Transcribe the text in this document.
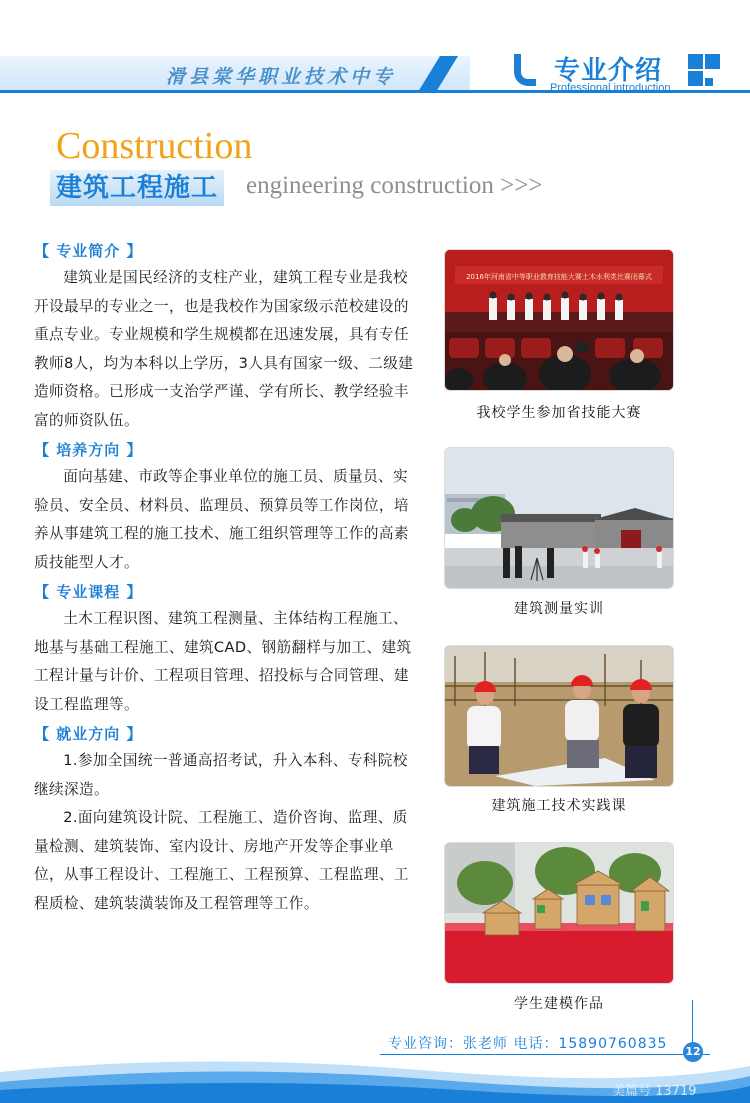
滑县棠华职业技术中专	专业介绍
Professional introduction
Construction
建筑工程施工 engineering construction >>>
【 专业简介 】

建筑业是国民经济的支柱产业，建筑工程专业是我校开设最早的专业之一，也是我校作为国家级示范校建设的重点专业。专业规模和学生规模都在迅速发展，具有专任教师8人，均为本科以上学历，3人具有国家一级、二级建造师资格。已形成一支治学严谨、学有所长、教学经验丰富的师资队伍。

【 培养方向 】

面向基建、市政等企事业单位的施工员、质量员、实验员、安全员、材料员、监理员、预算员等工作岗位，培养从事建筑工程的施工技术、施工组织管理等工作的高素质技能型人才。

【 专业课程 】

土木工程识图、建筑工程测量、主体结构工程施工、地基与基础工程施工、建筑CAD、钢筋翻样与加工、建筑工程计量与计价、工程项目管理、招投标与合同管理、建设工程监理等。

【 就业方向 】

1.参加全国统一普通高招考试，升入本科、专科院校继续深造。

2.面向建筑设计院、工程施工、造价咨询、监理、质量检测、建筑装饰、室内设计、房地产开发等企事业单位，从事工程设计、工程施工、工程预算、工程监理、工程质检、建筑装潢装饰及工程管理等工作。

2016年河南省中等职业教育技能大赛土木水利类比赛闭幕式
我校学生参加省技能大赛
建筑测量实训
建筑施工技术实践课
学生建模作品
专业咨询：张老师 电话：15890760835 12
美篇号 13719
